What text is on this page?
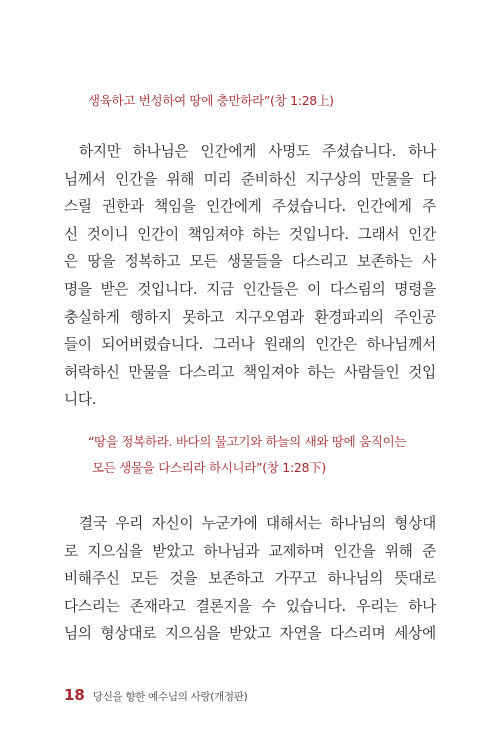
생육하고 번성하여 땅에 충만하라”(창 1:28上)
하지만 하나님은 인간에게 사명도 주셨습니다. 하나
님께서 인간을 위해 미리 준비하신 지구상의 만물을 다
스릴 권한과 책임을 인간에게 주셨습니다. 인간에게 주
신 것이니 인간이 책임져야 하는 것입니다. 그래서 인간
은 땅을 정복하고 모든 생물들을 다스리고 보존하는 사
명을 받은 것입니다. 지금 인간들은 이 다스림의 명령을
충실하게 행하지 못하고 지구오염과 환경파괴의 주인공
들이 되어버렸습니다. 그러나 원래의 인간은 하나님께서
허락하신 만물을 다스리고 책임져야 하는 사람들인 것입
니다.
“땅을 정복하라. 바다의 물고기와 하늘의 새와 땅에 움직이는
모든 생물을 다스리라 하시니라”(창 1:28下)
결국 우리 자신이 누군가에 대해서는 하나님의 형상대
로 지으심을 받았고 하나님과 교제하며 인간을 위해 준
비해주신 모든 것을 보존하고 가꾸고 하나님의 뜻대로
다스리는 존재라고 결론지을 수 있습니다. 우리는 하나
님의 형상대로 지으심을 받았고 자연을 다스리며 세상에
18 당신을 향한 예수님의 사랑(개정판)
